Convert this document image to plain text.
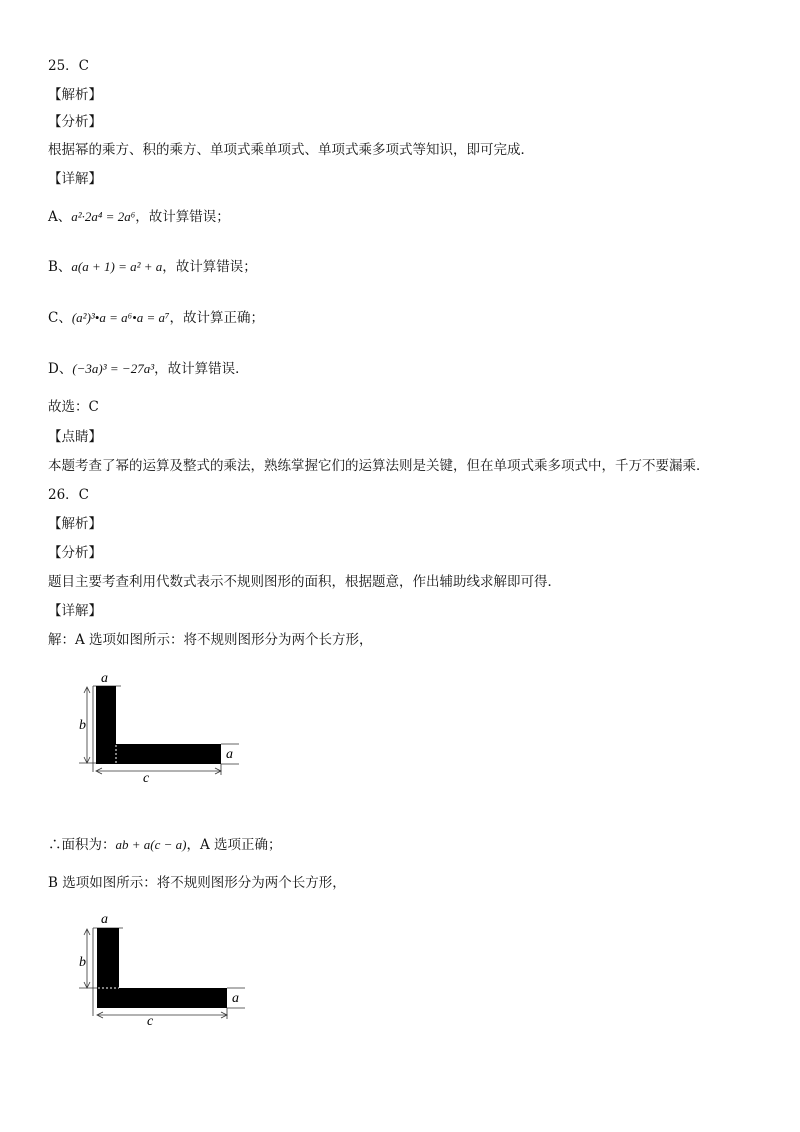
25．C
【解析】
【分析】
根据幂的乘方、积的乘方、单项式乘单项式、单项式乘多项式等知识，即可完成．
【详解】
A、a²·2a⁴ = 2a⁶，故计算错误；
B、a(a + 1) = a² + a，故计算错误；
C、(a²)³•a = a⁶•a = a⁷，故计算正确；
D、(−3a)³ = −27a³，故计算错误．
故选：C
【点睛】
本题考查了幂的运算及整式的乘法，熟练掌握它们的运算法则是关键，但在单项式乘多项式中，千万不要漏乘．
26．C
【解析】
【分析】
题目主要考查利用代数式表示不规则图形的面积，根据题意，作出辅助线求解即可得．
【详解】
解：A 选项如图所示：将不规则图形分为两个长方形，
a
b
a
c
∴面积为：ab + a(c − a)，A 选项正确；
B 选项如图所示：将不规则图形分为两个长方形，
a
b
a
c
